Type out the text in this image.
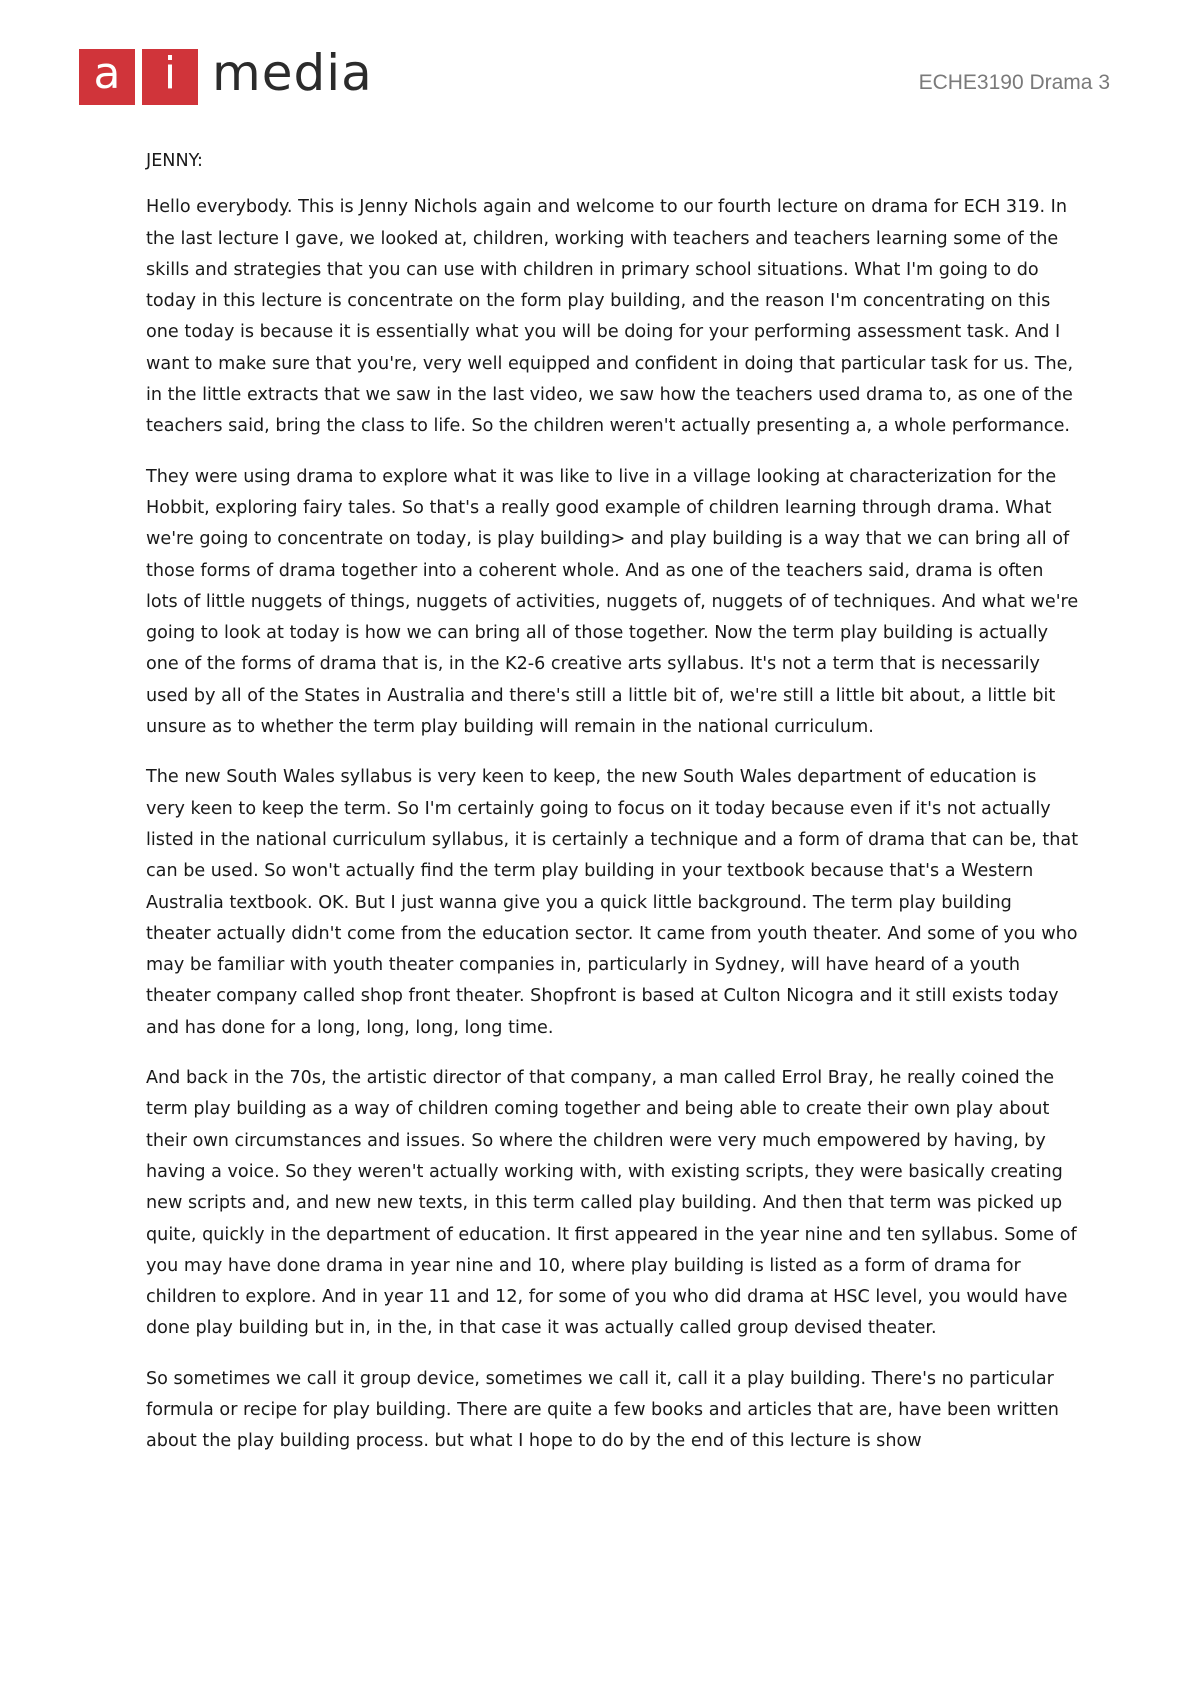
a i media	ECHE3190 Drama 3

JENNY:

Hello everybody. This is Jenny Nichols again and welcome to our fourth lecture on drama for ECH 319. In the last lecture I gave, we looked at, children, working with teachers and teachers learning some of the skills and strategies that you can use with children in primary school situations. What I'm going to do today in this lecture is concentrate on the form play building, and the reason I'm concentrating on this one today is because it is essentially what you will be doing for your performing assessment task. And I want to make sure that you're, very well equipped and confident in doing that particular task for us. The, in the little extracts that we saw in the last video, we saw how the teachers used drama to, as one of the teachers said, bring the class to life. So the children weren't actually presenting a, a whole performance.

They were using drama to explore what it was like to live in a village looking at characterization for the Hobbit, exploring fairy tales. So that's a really good example of children learning through drama. What we're going to concentrate on today, is play building> and play building is a way that we can bring all of those forms of drama together into a coherent whole. And as one of the teachers said, drama is often lots of little nuggets of things, nuggets of activities, nuggets of, nuggets of of techniques. And what we're going to look at today is how we can bring all of those together. Now the term play building is actually one of the forms of drama that is, in the K2-6 creative arts syllabus. It's not a term that is necessarily used by all of the States in Australia and there's still a little bit of, we're still a little bit about, a little bit unsure as to whether the term play building will remain in the national curriculum.

The new South Wales syllabus is very keen to keep, the new South Wales department of education is very keen to keep the term. So I'm certainly going to focus on it today because even if it's not actually listed in the national curriculum syllabus, it is certainly a technique and a form of drama that can be, that can be used. So won't actually find the term play building in your textbook because that's a Western Australia textbook. OK. But I just wanna give you a quick little background. The term play building theater actually didn't come from the education sector. It came from youth theater. And some of you who may be familiar with youth theater companies in, particularly in Sydney, will have heard of a youth theater company called shop front theater. Shopfront is based at Culton Nicogra and it still exists today and has done for a long, long, long, long time.

And back in the 70s, the artistic director of that company, a man called Errol Bray, he really coined the term play building as a way of children coming together and being able to create their own play about their own circumstances and issues. So where the children were very much empowered by having, by having a voice. So they weren't actually working with, with existing scripts, they were basically creating new scripts and, and new new texts, in this term called play building. And then that term was picked up quite, quickly in the department of education. It first appeared in the year nine and ten syllabus. Some of you may have done drama in year nine and 10, where play building is listed as a form of drama for children to explore. And in year 11 and 12, for some of you who did drama at HSC level, you would have done play building but in, in the, in that case it was actually called group devised theater.

So sometimes we call it group device, sometimes we call it, call it a play building. There's no particular formula or recipe for play building. There are quite a few books and articles that are, have been written about the play building process. but what I hope to do by the end of this lecture is show
